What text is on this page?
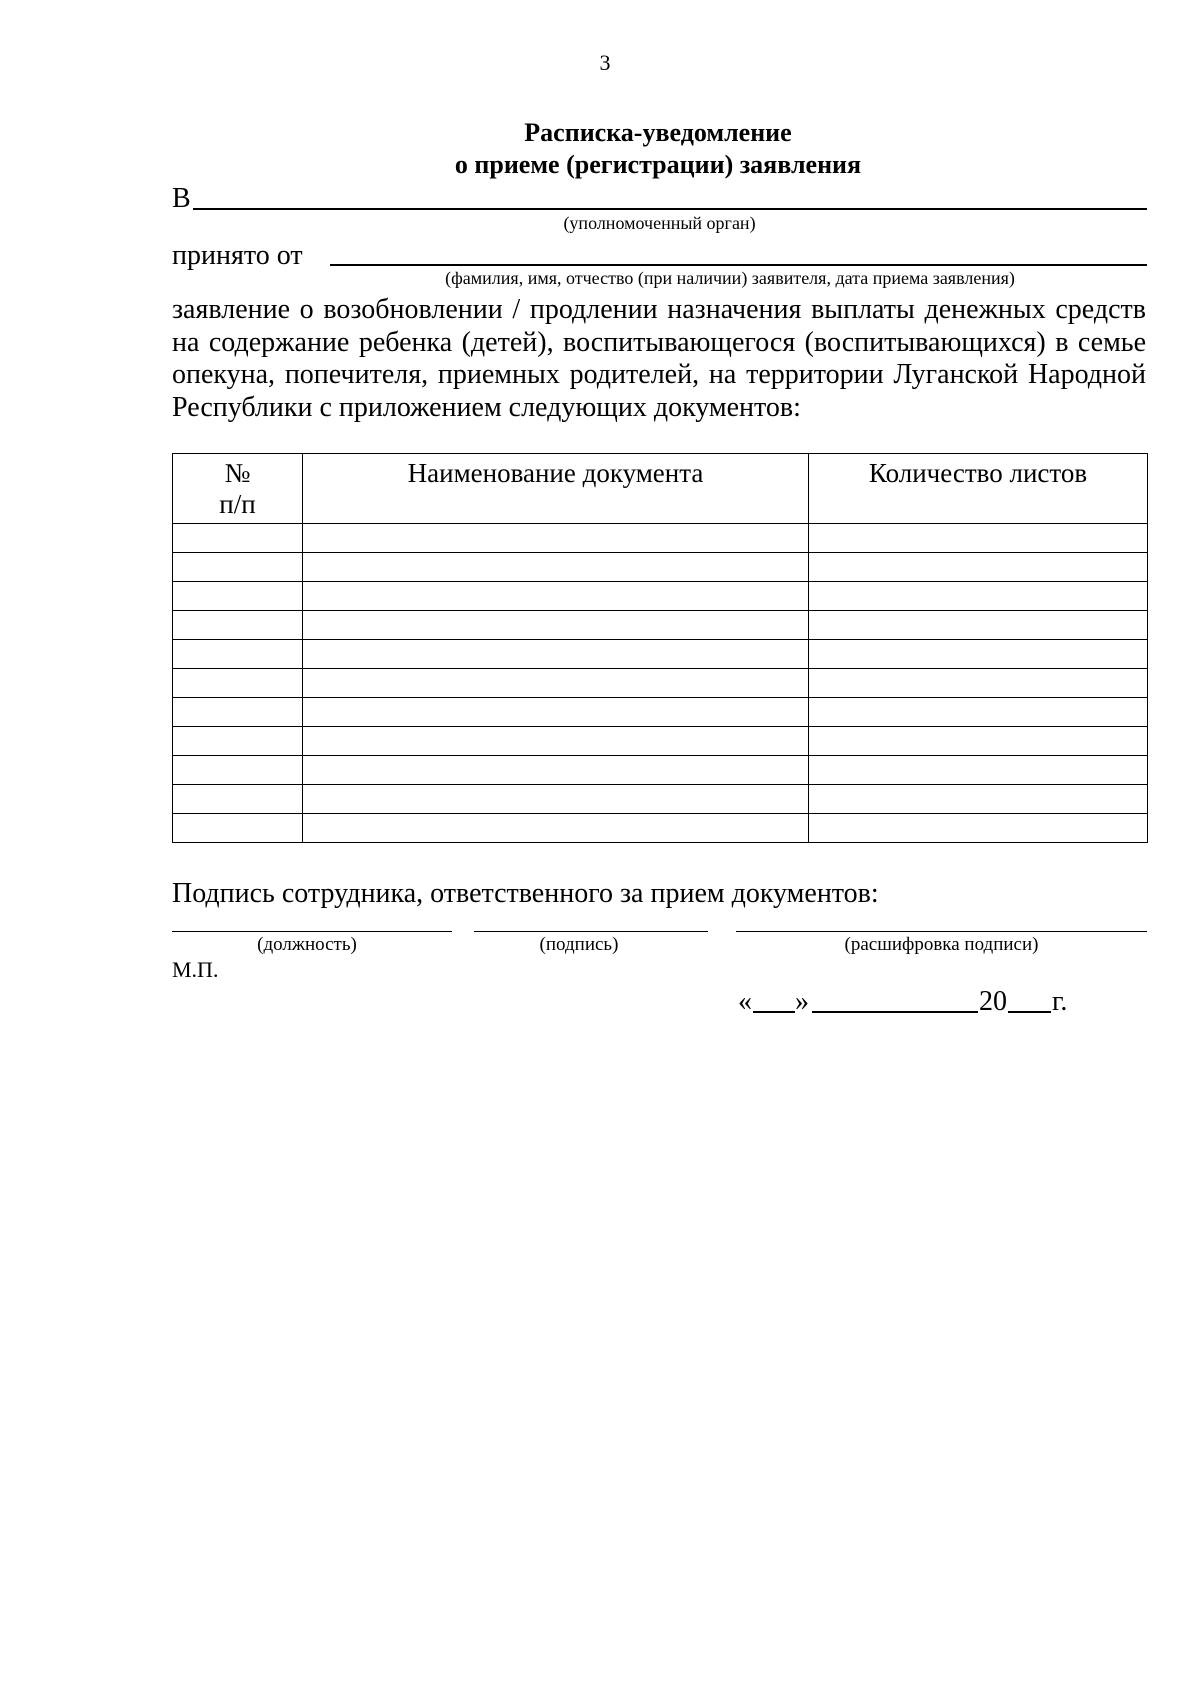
3
Расписка-уведомление
о приеме (регистрации) заявления
В
(уполномоченный орган)
принято от
(фамилия, имя, отчество (при наличии) заявителя, дата приема заявления)
заявление о возобновлении / продлении назначения выплаты денежных средств на содержание ребенка (детей), воспитывающегося (воспитывающихся) в семье опекуна, попечителя, приемных родителей, на территории Луганской Народной Республики с приложением следующих документов:
№
п/п	Наименование документа	Количество листов

Подпись сотрудника, ответственного за прием документов:
(должность)	(подпись)	(расшифровка подписи)
М.П.
« »	20 г.
